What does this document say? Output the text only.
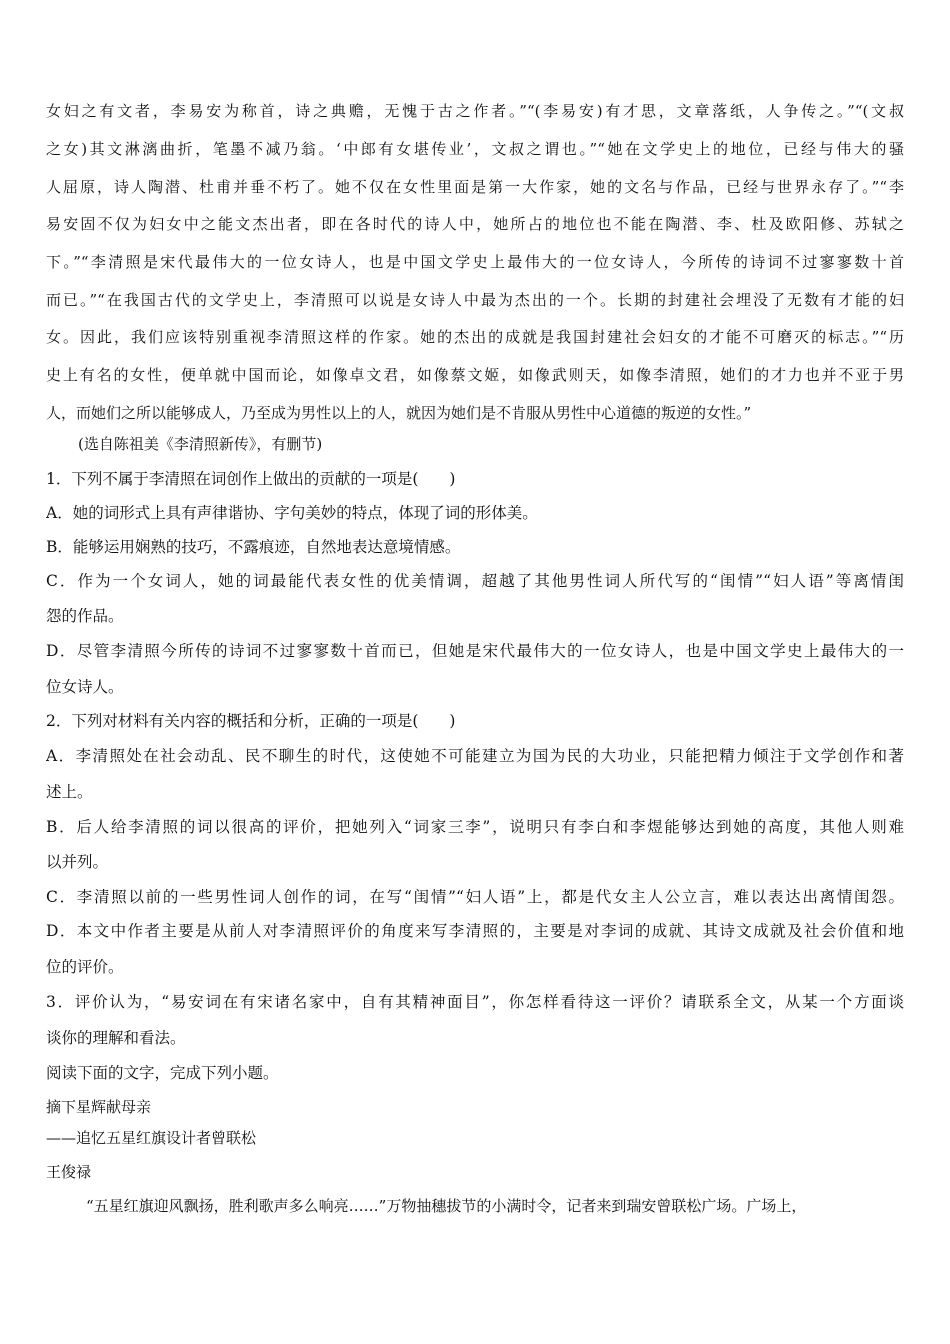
女妇之有文者，李易安为称首，诗之典赡，无愧于古之作者。”“(李易安)有才思，文章落纸，人争传之。”“(文叔
之女)其文淋漓曲折，笔墨不减乃翁。‘中郎有女堪传业’，文叔之谓也。”“她在文学史上的地位，已经与伟大的骚
人屈原，诗人陶潜、杜甫并垂不朽了。她不仅在女性里面是第一大作家，她的文名与作品，已经与世界永存了。”“李
易安固不仅为妇女中之能文杰出者，即在各时代的诗人中，她所占的地位也不能在陶潜、李、杜及欧阳修、苏轼之
下。”“李清照是宋代最伟大的一位女诗人，也是中国文学史上最伟大的一位女诗人，今所传的诗词不过寥寥数十首
而已。”“在我国古代的文学史上，李清照可以说是女诗人中最为杰出的一个。长期的封建社会埋没了无数有才能的妇
女。因此，我们应该特别重视李清照这样的作家。她的杰出的成就是我国封建社会妇女的才能不可磨灭的标志。”“历
史上有名的女性，便单就中国而论，如像卓文君，如像蔡文姬，如像武则天，如像李清照，她们的才力也并不亚于男
人，而她们之所以能够成人，乃至成为男性以上的人，就因为她们是不肯服从男性中心道德的叛逆的女性。”
(选自陈祖美《李清照新传》，有删节)
1．下列不属于李清照在词创作上做出的贡献的一项是(　　)
A．她的词形式上具有声律谐协、字句美妙的特点，体现了词的形体美。
B．能够运用娴熟的技巧，不露痕迹，自然地表达意境情感。
C．作为一个女词人，她的词最能代表女性的优美情调，超越了其他男性词人所代写的“闺情”“妇人语”等离情闺
怨的作品。
D．尽管李清照今所传的诗词不过寥寥数十首而已，但她是宋代最伟大的一位女诗人，也是中国文学史上最伟大的一
位女诗人。
2．下列对材料有关内容的概括和分析，正确的一项是(　　)
A．李清照处在社会动乱、民不聊生的时代，这使她不可能建立为国为民的大功业，只能把精力倾注于文学创作和著
述上。
B．后人给李清照的词以很高的评价，把她列入“词家三李”，说明只有李白和李煜能够达到她的高度，其他人则难
以并列。
C．李清照以前的一些男性词人创作的词，在写“闺情”“妇人语”上，都是代女主人公立言，难以表达出离情闺怨。
D．本文中作者主要是从前人对李清照评价的角度来写李清照的，主要是对李词的成就、其诗文成就及社会价值和地
位的评价。
3．评价认为，“易安词在有宋诸名家中，自有其精神面目”，你怎样看待这一评价？请联系全文，从某一个方面谈
谈你的理解和看法。
阅读下面的文字，完成下列小题。
摘下星辉献母亲
——追忆五星红旗设计者曾联松
王俊禄
“五星红旗迎风飘扬，胜利歌声多么响亮……”万物抽穗拔节的小满时令，记者来到瑞安曾联松广场。广场上，
